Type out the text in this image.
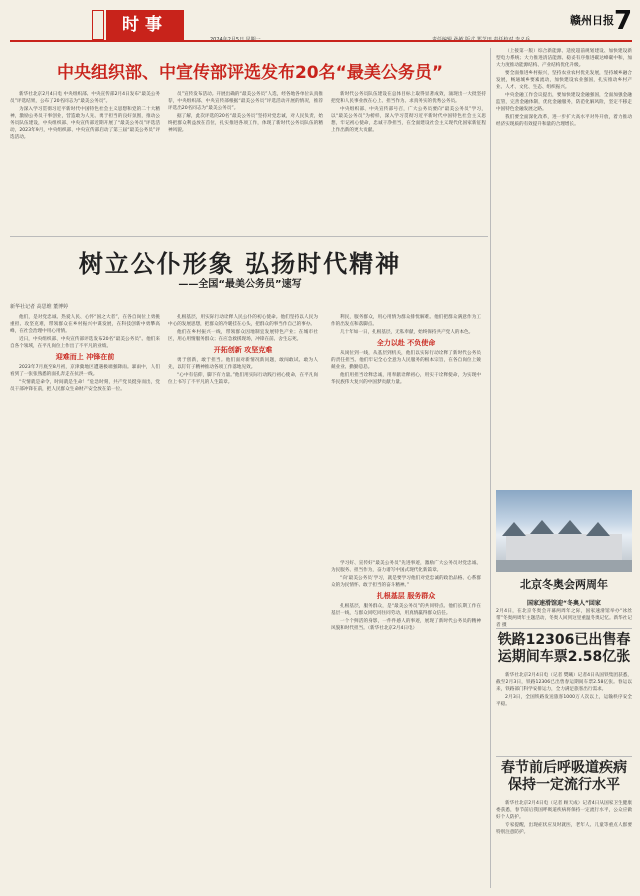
时事	赣州日报 7
中央组织部、中宣传部评选发布20名“最美公务员”

新华社北京2月4日电 中央组织部、中央宣传部2月4日发布“最美公务员”评选结果，公布了20名同志为“最美公务员”。

为深入学习贯彻习近平新时代中国特色社会主义思想和党的二十大精神，激励公务员干事创业，营造敢为人先、勇于担当的良好氛围，推动公务员队伍建设，中央组织部、中央宣传部近期开展了“最美公务员”评选活动，2023年9月，中央组织部、中央宣传部启动了第三届“最美公务员”评选活动。

员”宣传发布活动。开展出确的“最美公务员”人选，经各地各单位认真推荐，中央组织部、中央宣传部根据“最美公务员”评选活动开展的情况，推荐评选出20名同志为“最美公务员”。

据了解，此次评选的20名“最美公务员”坚持对党忠诚，对人民负责，始终把群众利益放在首位，扎实推进各项工作，体现了新时代公务员队伍的精神风貌。

新时代公务员队伍建设在总体目标上取得显著成效，涌现出一大批坚持把党和人民事业放在心上、担当作为、求真务实的优秀公务员。

中央组织部、中央宣传部号召，广大公务员要向“最美公务员”学习，以“最美公务员”为榜样，深入学习贯彻习近平新时代中国特色社会主义思想，牢记初心使命，忠诚干净担当，在全面建设社会主义现代化国家新征程上作出新的更大贡献。

树立公仆形象 弘扬时代精神
——全国“最美公务员”速写
新华社记者 高思维 董博婷

他们，是对党忠诚、热爱人民、心怀“国之大者”，在各自岗位上勇挑重担、攻坚克难，带领群众在乡村振兴中谋发展，在科技创新中勇攀高峰，在社会治理中用心用情。

近日，中央组织部、中央宣传部评选发布20名“最美公务员”。他们来自各个领域，在平凡岗位上作出了不平凡的业绩。

迎难而上 冲锋在前

2023年7月底至8月初，京津冀地区遭遇极端强降雨。暴雨中，人们看到了一张张熟悉的面孔奔走在抗洪一线。

“灾情就是命令，时间就是生命！”危急时刻，共产党员挺身而出，党员干部冲锋在前，把人民群众生命财产安全放在第一位。

扎根基层，用实际行动诠释人民公仆的初心使命。他们坚持以人民为中心的发展思想，把群众的冷暖挂在心头，把群众的事当作自己的事办。

他们在乡村振兴一线，带领群众因地制宜发展特色产业；在城市社区，用心用情服务群众；在应急救援现场，冲锋在前、舍生忘死。

开拓创新 攻坚克难

勇于创新，敢于担当。他们面对新情况新问题，敢闯敢试、敢为人先，以钉钉子精神推动各项工作落地见效。

“心中有信仰，脚下有力量。”他们用实际行动践行初心使命，在平凡岗位上书写了不平凡的人生篇章。

利民，服务群众，用心用情为群众排忧解难。他们把群众满意作为工作的出发点和落脚点。

几十年如一日，扎根基层，无私奉献，始终保持共产党人的本色。

全力以赴 不负使命

从岗位到一线，从基层到机关，他们以实际行动诠释了新时代公务员的责任担当。他们牢记全心全意为人民服务的根本宗旨，在各自岗位上兢兢业业、勤勤恳恳。

他们用担当诠释忠诚，用奉献诠释初心，用实干诠释使命，为实现中华民族伟大复兴的中国梦贡献力量。

学习好、宣传好“最美公务员”先进事迹，激励广大公务员对党忠诚、为民服务、担当作为，奋力谱写中国式现代化新篇章。

“向‘最美公务员’学习，就是要学习他们对党忠诚的政治品格、心系群众的为民情怀、敢于担当的奋斗精神。”

扎根基层 服务群众

扎根基层，服务群众，是“最美公务员”的共同特点。他们长期工作在基层一线，与群众同吃同住同劳动，用真情赢得群众信任。

一个个鲜活的身影，一件件感人的事迹，展现了新时代公务员的精神风貌和时代担当。（新华社北京2月4日电）

（上接第一版）综合新能源、适度超前规划建设、加快建设新型电力系统；大力推进清洁能源、稳妥有序推进碳达峰碳中和，加大力度推动能源结构、产业结构优化升级。

要全面推进乡村振兴，坚持农业农村优先发展，坚持城乡融合发展，畅通城乡要素流动，加快建设农业强国，扎实推动乡村产业、人才、文化、生态、组织振兴。

中央金融工作会议提出，要加快建设金融强国，全面加强金融监管，完善金融体制，优化金融服务，防范化解风险，坚定不移走中国特色金融发展之路。

我们要全面深化改革，进一步扩大高水平对外开放，着力推动经济实现质的有效提升和量的合理增长。

北京冬奥会两周年
国家速滑馆迎“冬奥人”回家
2月4日，在北京冬奥会开幕两周年之际，国家速滑馆举办“冰丝带”冬奥两周年主题活动，冬奥人回到这里重温冬奥记忆。新华社记者 摄
铁路12306已出售春运期间车票2.58亿张

新华社北京2月4日电（记者 樊曦）记者4日从国铁集团获悉，截至2月3日，铁路12306已出售春运期间车票2.58亿张。春运以来，铁路部门科学安排运力，全力满足旅客出行需求。

2月3日，全国铁路发送旅客1000万人次以上，运输秩序安全平稳。

春节前后呼吸道疾病保持一定流行水平

新华社北京2月4日电（记者 顾天成）记者4日从国家卫生健康委获悉，春节前后我国呼吸道疾病将保持一定流行水平，公众应做好个人防护。

专家提醒，出现症状应及时就医，老年人、儿童等重点人群要特别注意防护。
